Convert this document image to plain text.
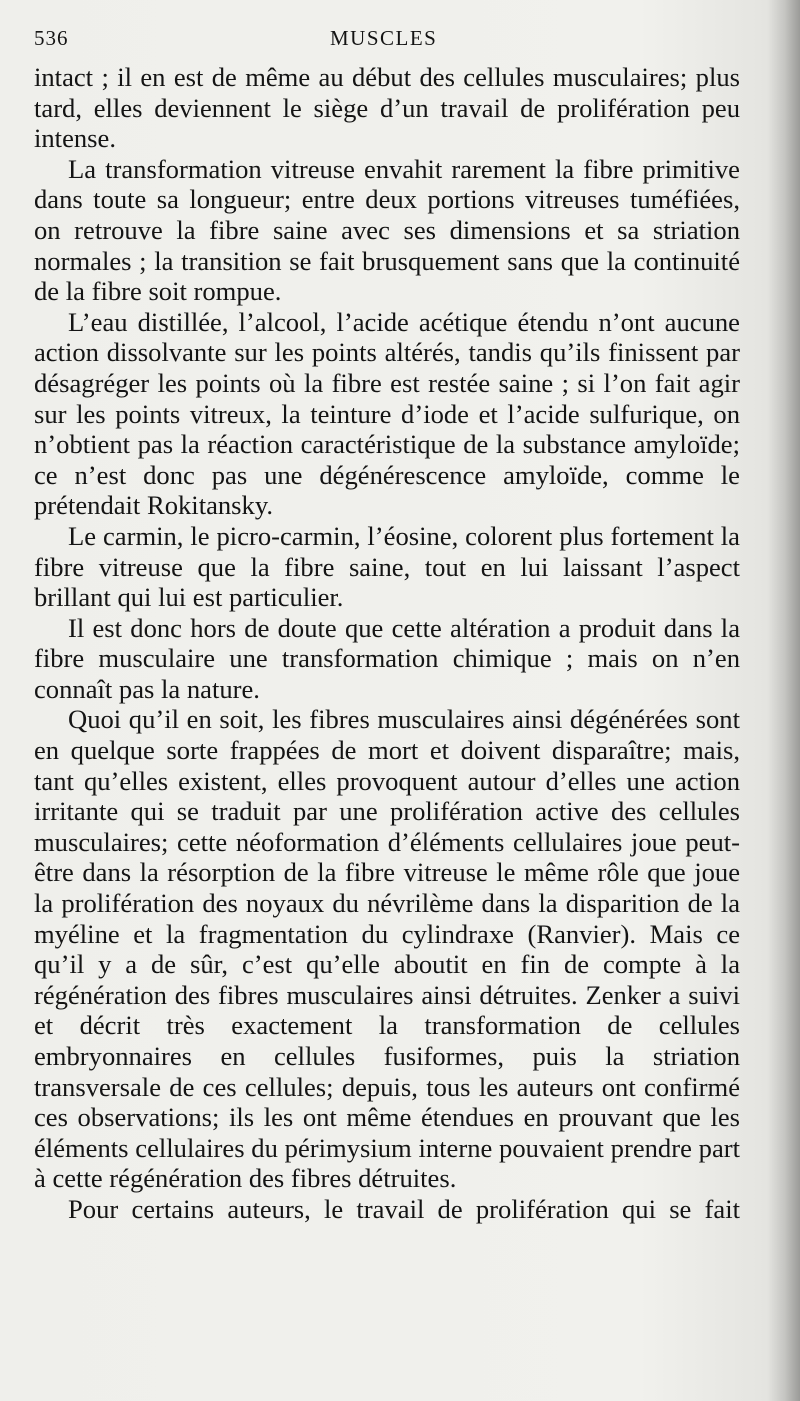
536	MUSCLES

intact ; il en est de même au début des cellules musculaires; plus tard, elles deviennent le siège d’un travail de prolifération peu intense.

La transformation vitreuse envahit rarement la fibre primitive dans toute sa longueur; entre deux portions vitreuses tuméfiées, on retrouve la fibre saine avec ses dimensions et sa striation normales ; la transition se fait brusquement sans que la continuité de la fibre soit rompue.

L’eau distillée, l’alcool, l’acide acétique étendu n’ont aucune action dissolvante sur les points altérés, tandis qu’ils finissent par désagréger les points où la fibre est restée saine ; si l’on fait agir sur les points vitreux, la teinture d’iode et l’acide sulfurique, on n’obtient pas la réaction caractéristique de la substance amyloïde; ce n’est donc pas une dégénérescence amyloïde, comme le prétendait Rokitansky.

Le carmin, le picro-carmin, l’éosine, colorent plus fortement la fibre vitreuse que la fibre saine, tout en lui laissant l’aspect brillant qui lui est particulier.

Il est donc hors de doute que cette altération a produit dans la fibre musculaire une transformation chimique ; mais on n’en connaît pas la nature.

Quoi qu’il en soit, les fibres musculaires ainsi dégénérées sont en quelque sorte frappées de mort et doivent disparaître; mais, tant qu’elles existent, elles provoquent autour d’elles une action irritante qui se traduit par une prolifération active des cellules musculaires; cette néoformation d’éléments cellulaires joue peut-être dans la résorption de la fibre vitreuse le même rôle que joue la prolifération des noyaux du névrilème dans la disparition de la myéline et la fragmentation du cylindraxe (Ranvier). Mais ce qu’il y a de sûr, c’est qu’elle aboutit en fin de compte à la régénération des fibres musculaires ainsi détruites. Zenker a suivi et décrit très exactement la transformation de cellules embryonnaires en cellules fusiformes, puis la striation transversale de ces cellules; depuis, tous les auteurs ont confirmé ces observations; ils les ont même étendues en prouvant que les éléments cellulaires du périmysium interne pouvaient prendre part à cette régénération des fibres détruites.

Pour certains auteurs, le travail de prolifération qui se fait
